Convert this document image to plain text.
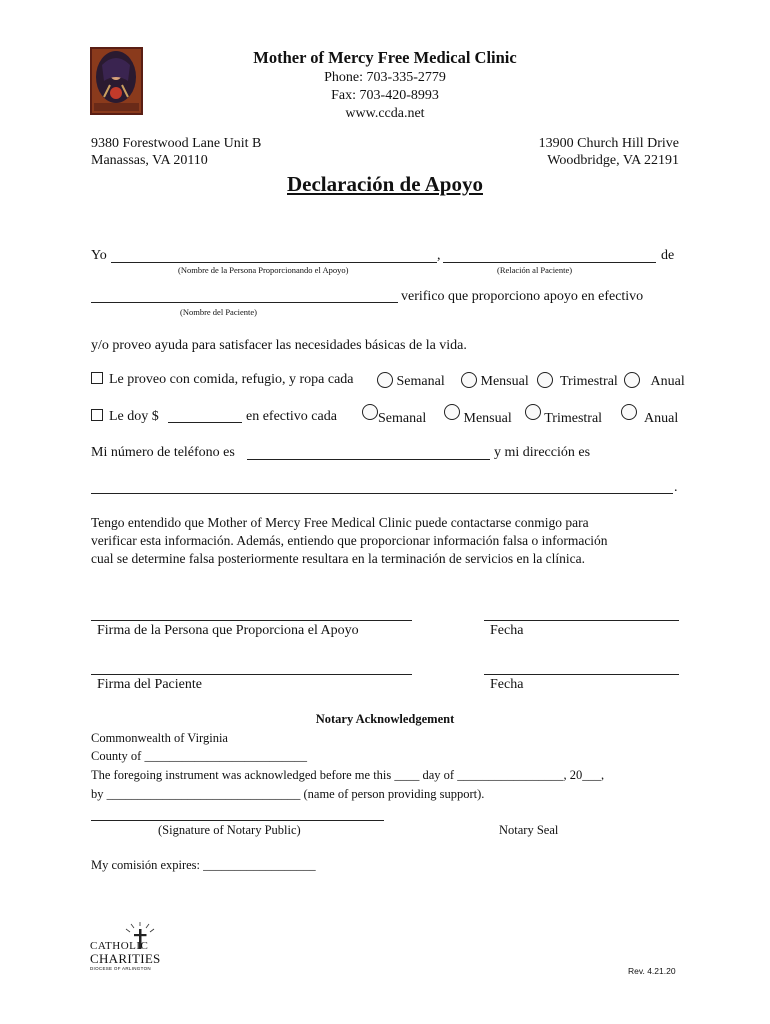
Mother of Mercy Free Medical Clinic
Phone: 703-335-2779
Fax: 703-420-8993
www.ccda.net
9380 Forestwood Lane Unit B
Manassas, VA 20110
13900 Church Hill Drive
Woodbridge, VA 22191
Declaración de Apoyo
Yo	,	de
(Nombre de la Persona Proporcionando el Apoyo)	(Relación al Paciente)
verifico que proporciono apoyo en efectivo
(Nombre del Paciente)
y/o proveo ayuda para satisfacer las necesidades básicas de la vida.
Le proveo con comida, refugio, y ropa cada	Semanal	Mensual	Trimestral	Anual
Le doy $	en efectivo cada	Semanal	Mensual	Trimestral	Anual
Mi número de teléfono es	y mi dirección es
.
Tengo entendido que Mother of Mercy Free Medical Clinic puede contactarse conmigo para
verificar esta información. Además, entiendo que proporcionar información falsa o información
cual se determine falsa posteriormente resultara en la terminación de servicios en la clínica.
Firma de la Persona que Proporciona el Apoyo	Fecha
Firma del Paciente	Fecha
Notary Acknowledgement
Commonwealth of Virginia
County of __________________________
The foregoing instrument was acknowledged before me this ____ day of _________________, 20___,
by _______________________________ (name of person providing support).
(Signature of Notary Public)	Notary Seal
My comisión expires: __________________
CATHOLIC
CHARITIES
DIOCESE OF ARLINGTON	Rev. 4.21.20
